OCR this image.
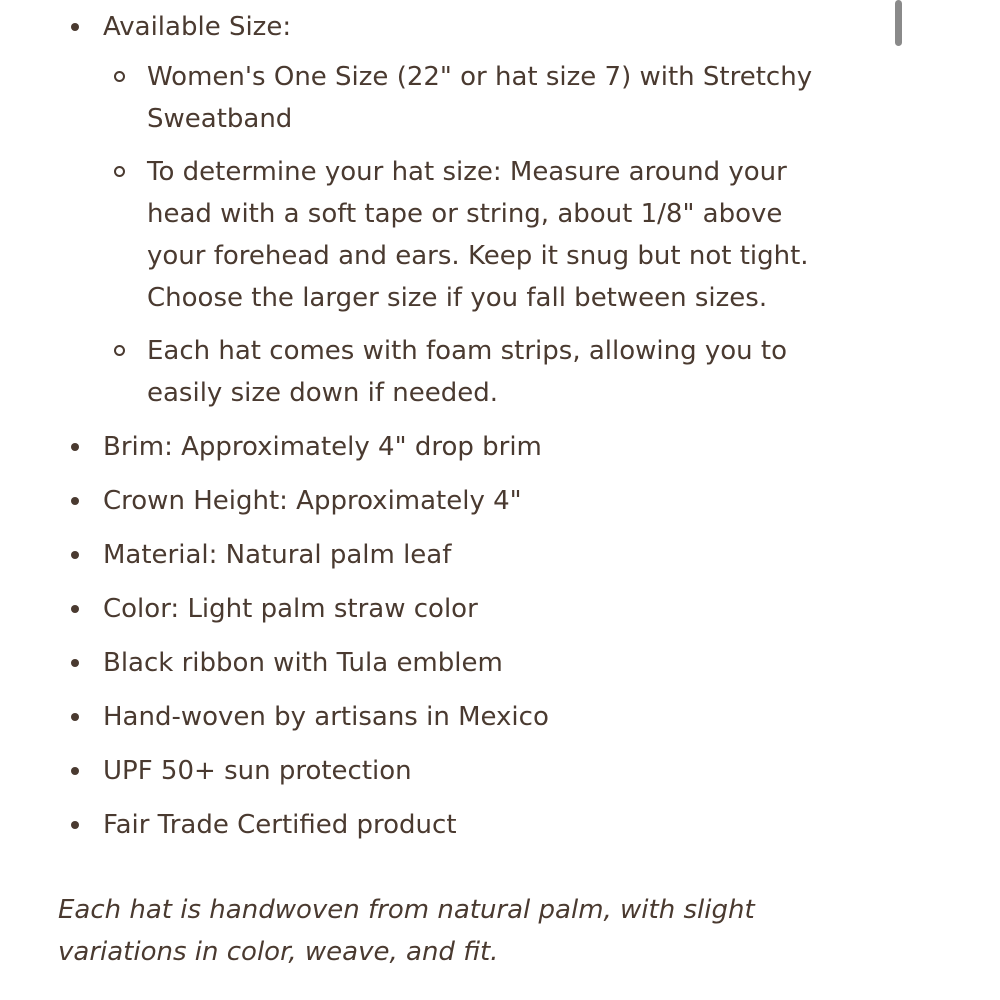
Available Size:
Women's One Size (22" or hat size 7) with Stretchy Sweatband
To determine your hat size: Measure around your head with a soft tape or string, about 1/8" above your forehead and ears. Keep it snug but not tight. Choose the larger size if you fall between sizes.
Each hat comes with foam strips, allowing you to easily size down if needed.
Brim: Approximately 4" drop brim
Crown Height: Approximately 4"
Material: Natural palm leaf
Color: Light palm straw color
Black ribbon with Tula emblem
Hand-woven by artisans in Mexico
UPF 50+ sun protection
Fair Trade Certified product

Each hat is handwoven from natural palm, with slight variations in color, weave, and fit.
